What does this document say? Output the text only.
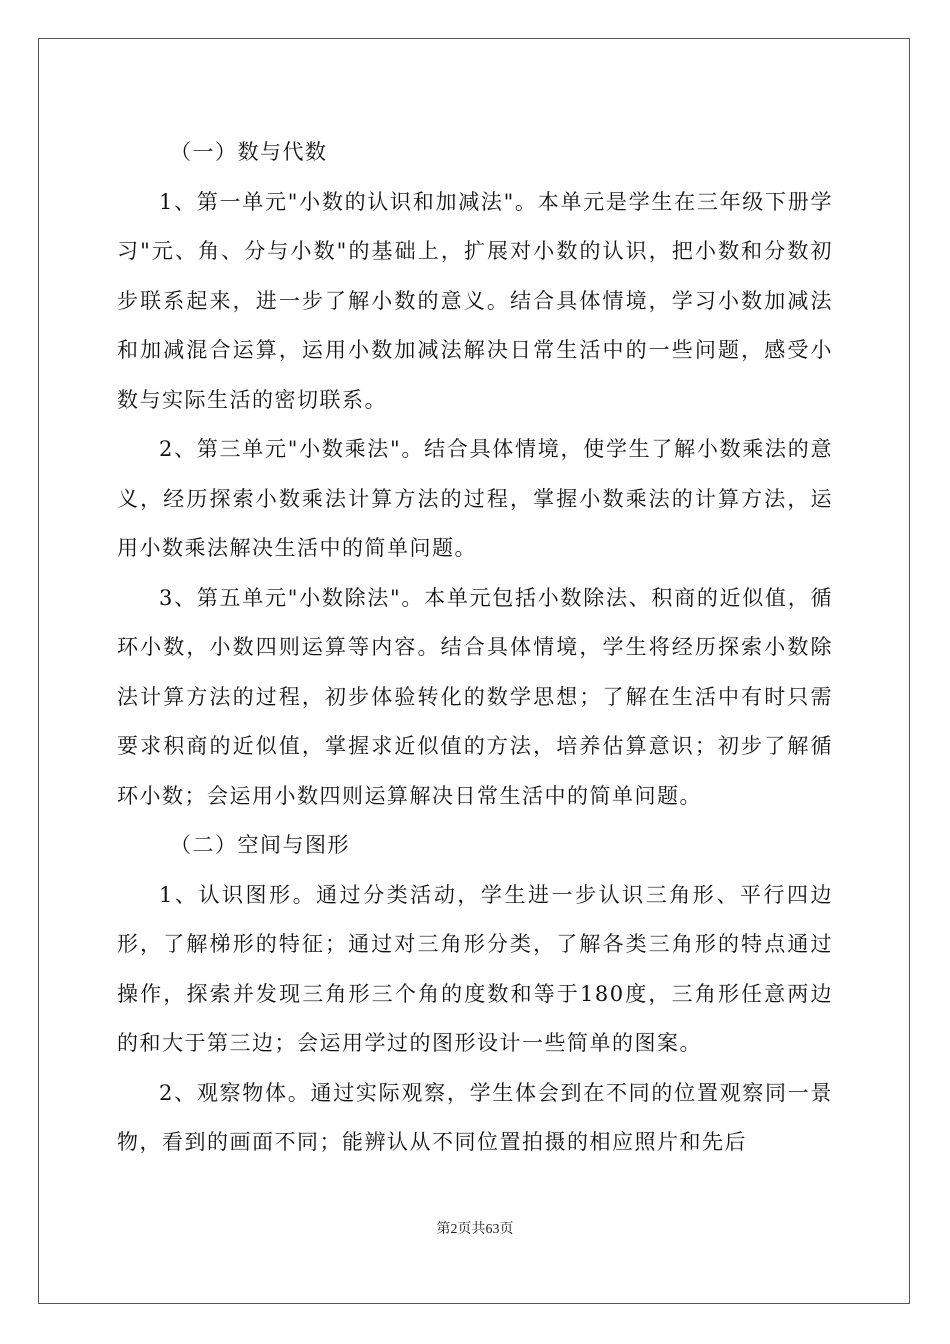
（一）数与代数

1、第一单元"小数的认识和加减法"。本单元是学生在三年级下册学习"元、角、分与小数"的基础上，扩展对小数的认识，把小数和分数初步联系起来，进一步了解小数的意义。结合具体情境，学习小数加减法和加减混合运算，运用小数加减法解决日常生活中的一些问题，感受小数与实际生活的密切联系。

2、第三单元"小数乘法"。结合具体情境，使学生了解小数乘法的意义，经历探索小数乘法计算方法的过程，掌握小数乘法的计算方法，运用小数乘法解决生活中的简单问题。

3、第五单元"小数除法"。本单元包括小数除法、积商的近似值，循环小数，小数四则运算等内容。结合具体情境，学生将经历探索小数除法计算方法的过程，初步体验转化的数学思想；了解在生活中有时只需要求积商的近似值，掌握求近似值的方法，培养估算意识；初步了解循环小数；会运用小数四则运算解决日常生活中的简单问题。

（二）空间与图形

1、认识图形。通过分类活动，学生进一步认识三角形、平行四边形，了解梯形的特征；通过对三角形分类，了解各类三角形的特点通过操作，探索并发现三角形三个角的度数和等于180度，三角形任意两边的和大于第三边；会运用学过的图形设计一些简单的图案。

2、观察物体。通过实际观察，学生体会到在不同的位置观察同一景物，看到的画面不同；能辨认从不同位置拍摄的相应照片和先后

第2页共63页
